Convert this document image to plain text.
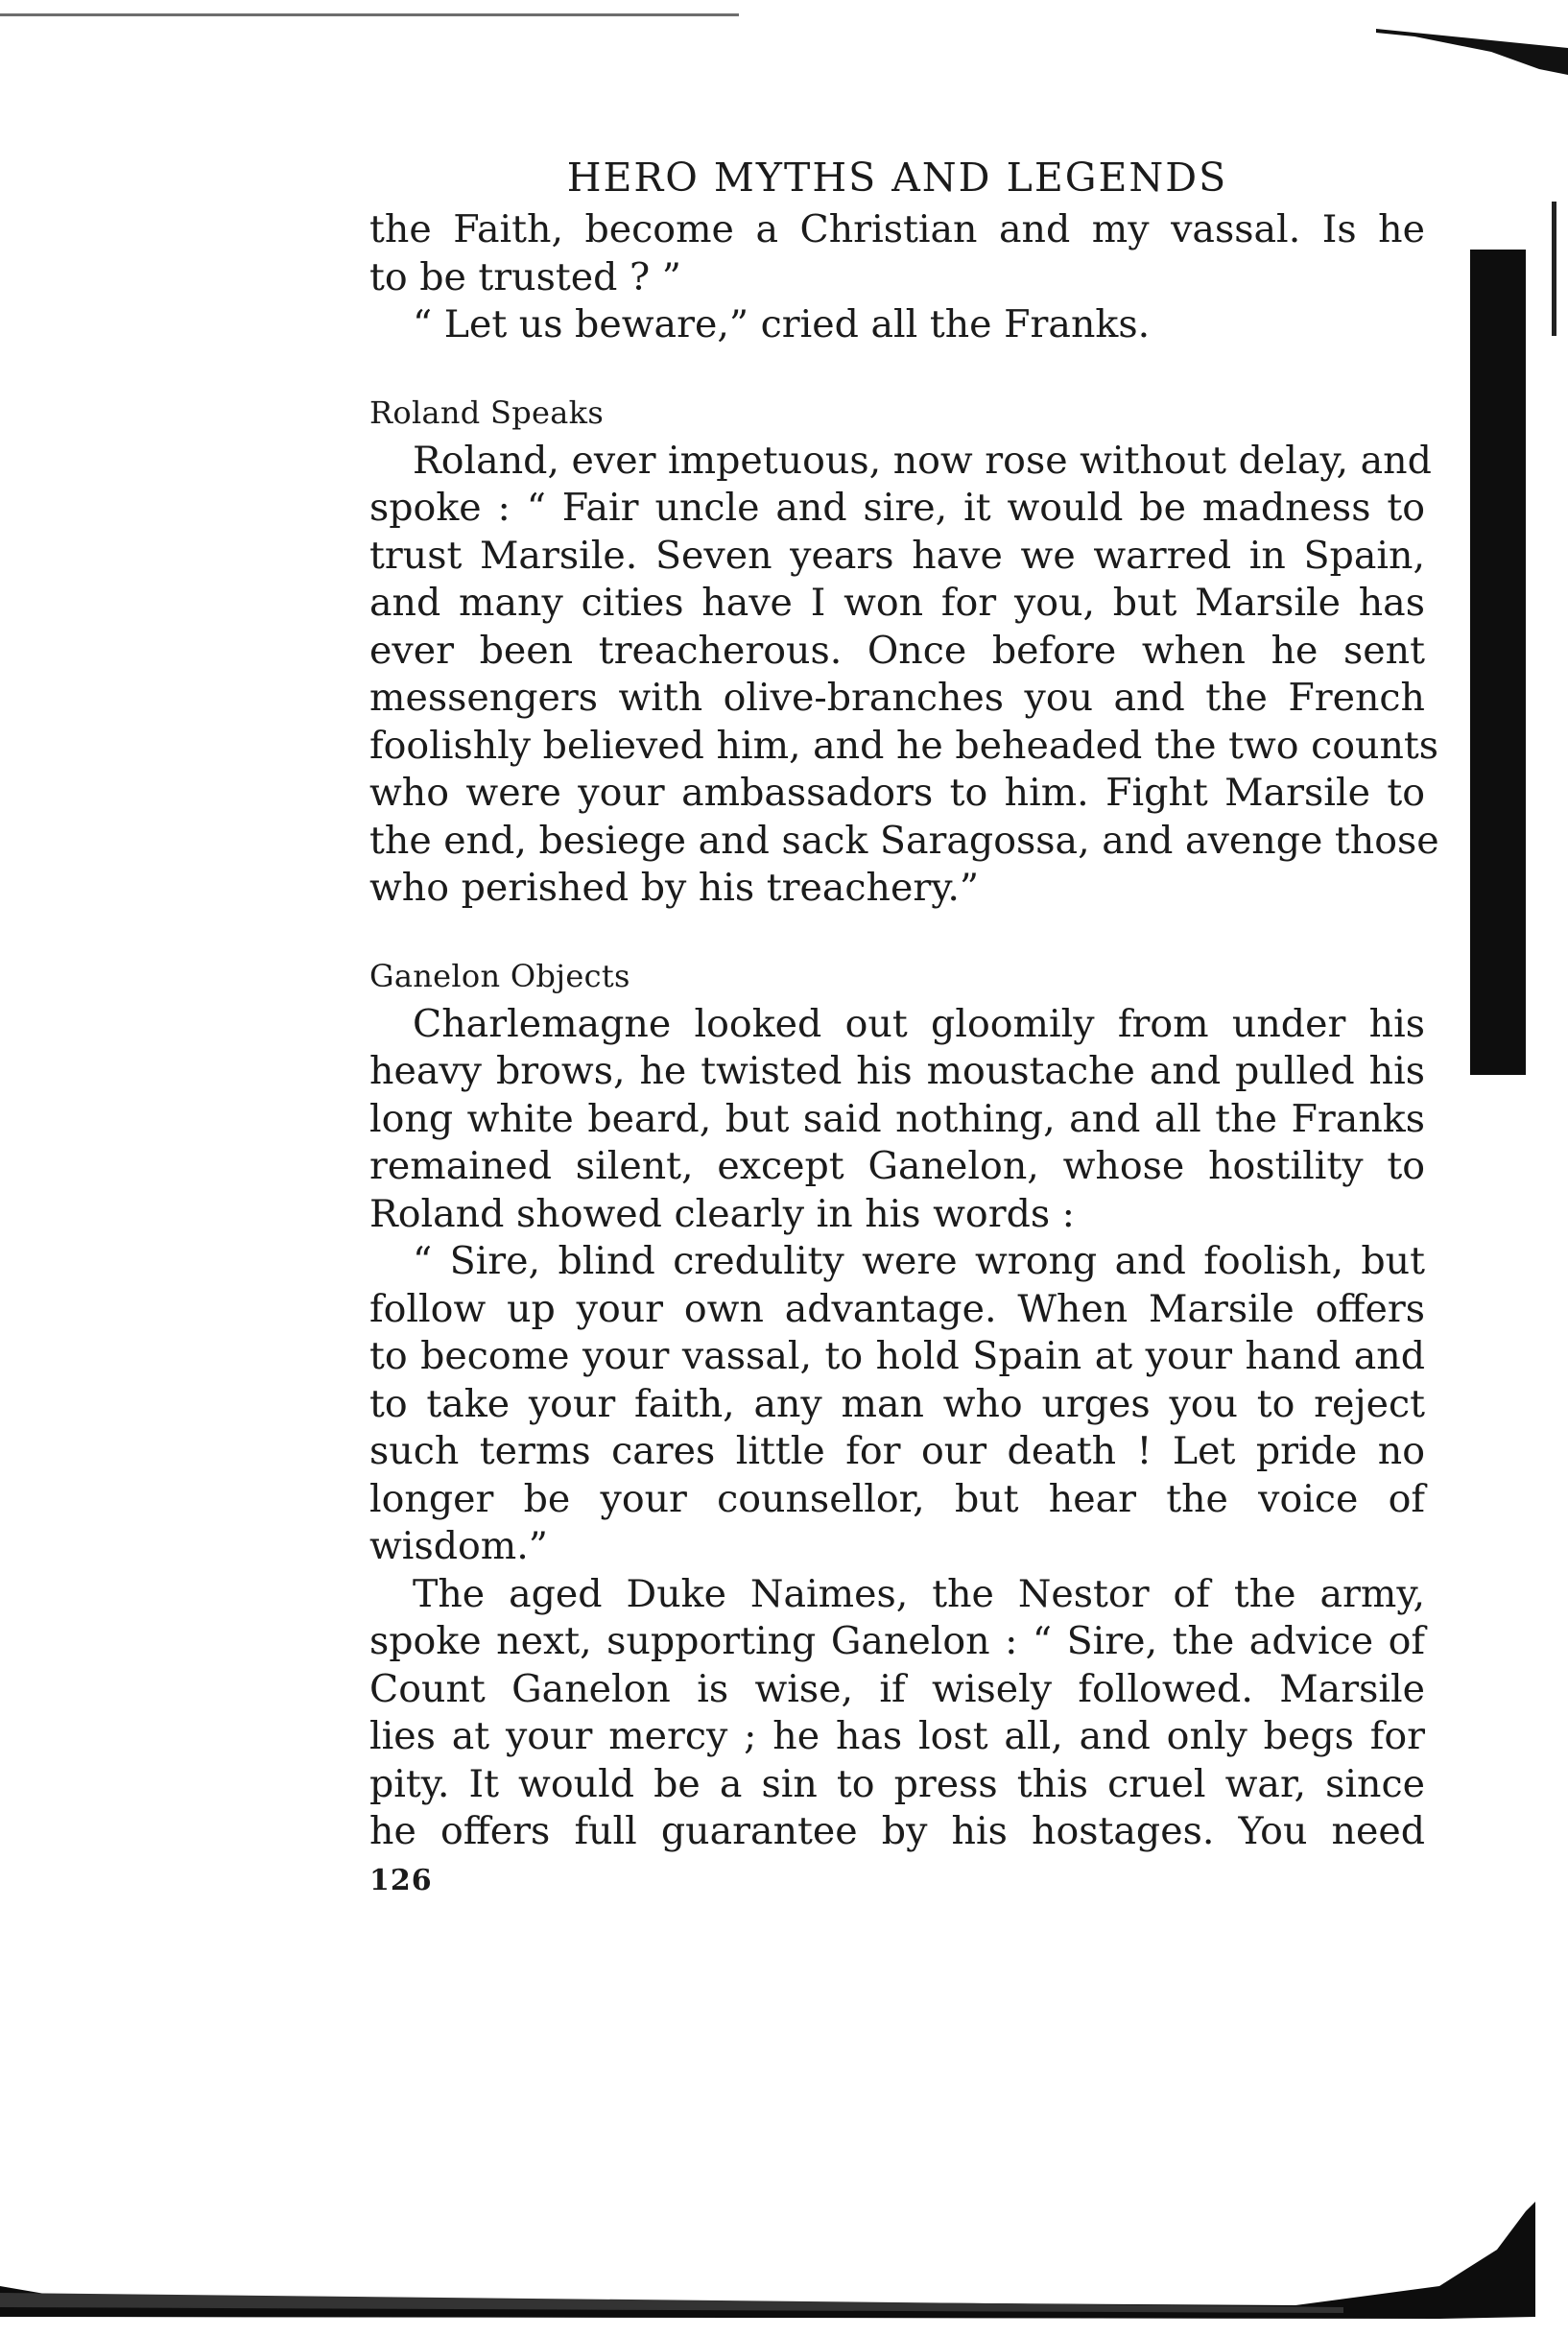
HERO MYTHS AND LEGENDS
the Faith, become a Christian and my vassal. Is he
to be trusted ? ”
“ Let us beware,” cried all the Franks.
Roland Speaks
Roland, ever impetuous, now rose without delay, and
spoke : “ Fair uncle and sire, it would be madness to
trust Marsile. Seven years have we warred in Spain,
and many cities have I won for you, but Marsile has
ever been treacherous. Once before when he sent
messengers with olive-branches you and the French
foolishly believed him, and he beheaded the two counts
who were your ambassadors to him. Fight Marsile to
the end, besiege and sack Saragossa, and avenge those
who perished by his treachery.”
Ganelon Objects
Charlemagne looked out gloomily from under his
heavy brows, he twisted his moustache and pulled his
long white beard, but said nothing, and all the Franks
remained silent, except Ganelon, whose hostility to
Roland showed clearly in his words :
“ Sire, blind credulity were wrong and foolish, but
follow up your own advantage. When Marsile offers
to become your vassal, to hold Spain at your hand and
to take your faith, any man who urges you to reject
such terms cares little for our death ! Let pride no
longer be your counsellor, but hear the voice of
wisdom.”
The aged Duke Naimes, the Nestor of the army,
spoke next, supporting Ganelon : “ Sire, the advice of
Count Ganelon is wise, if wisely followed. Marsile
lies at your mercy ; he has lost all, and only begs for
pity. It would be a sin to press this cruel war, since
he offers full guarantee by his hostages. You need
126
